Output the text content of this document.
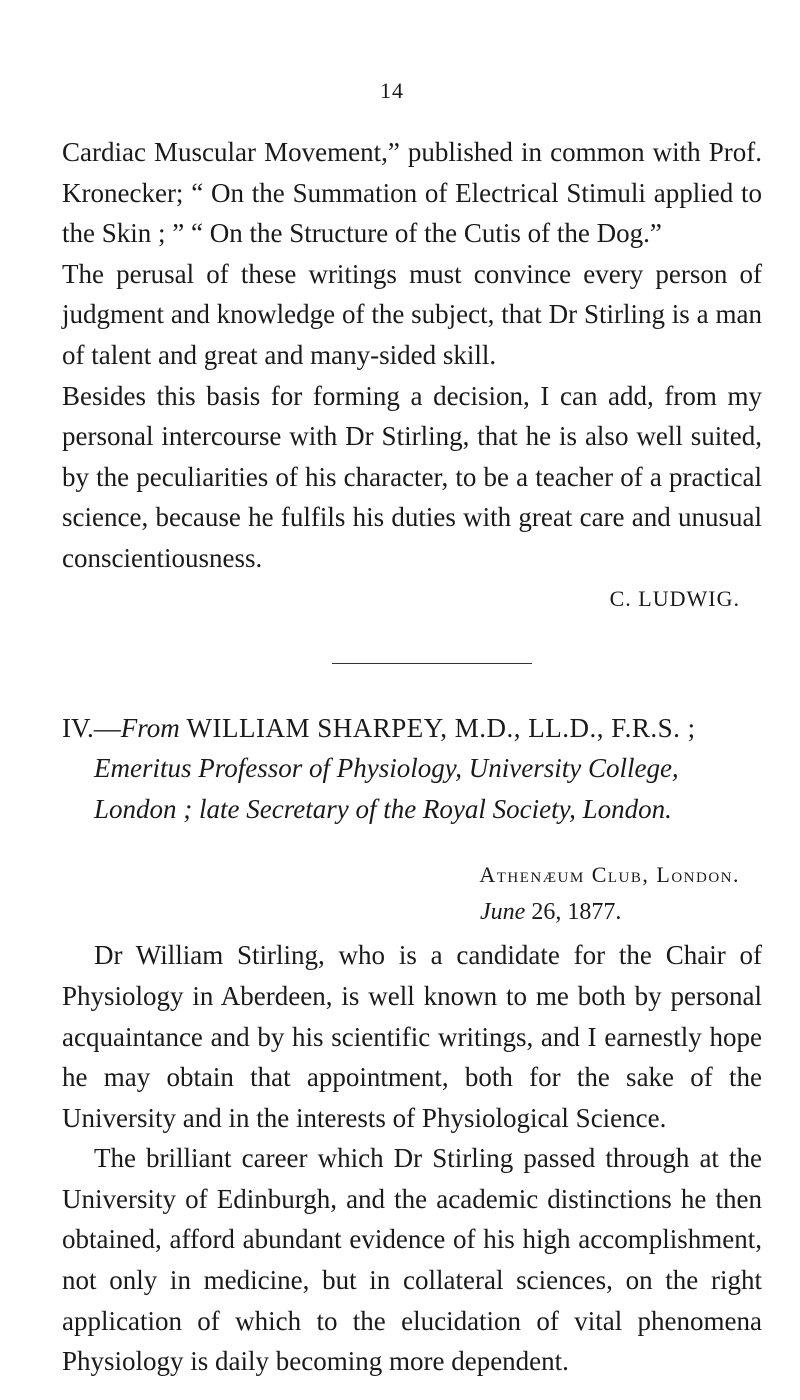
14

Cardiac Muscular Movement,” published in common with Prof. Kronecker; “ On the Summation of Electrical Stimuli applied to the Skin ; ” “ On the Structure of the Cutis of the Dog.”

The perusal of these writings must convince every person of judgment and knowledge of the subject, that Dr Stirling is a man of talent and great and many-sided skill.

Besides this basis for forming a decision, I can add, from my personal intercourse with Dr Stirling, that he is also well suited, by the peculiarities of his character, to be a teacher of a practical science, because he fulfils his duties with great care and unusual conscientiousness.

C. LUDWIG.

IV.—From WILLIAM SHARPEY, M.D., LL.D., F.R.S. ;

Emeritus Professor of Physiology, University College, London ; late Secretary of the Royal Society, London.

Athenæum Club, London.
June 26, 1877.

Dr William Stirling, who is a candidate for the Chair of Physiology in Aberdeen, is well known to me both by personal acquaintance and by his scientific writings, and I earnestly hope he may obtain that appointment, both for the sake of the University and in the interests of Physiological Science.

The brilliant career which Dr Stirling passed through at the University of Edinburgh, and the academic distinctions he then obtained, afford abundant evidence of his high accomplishment, not only in medicine, but in collateral sciences, on the right application of which to the elucidation of vital phenomena Physiology is daily becoming more dependent.
